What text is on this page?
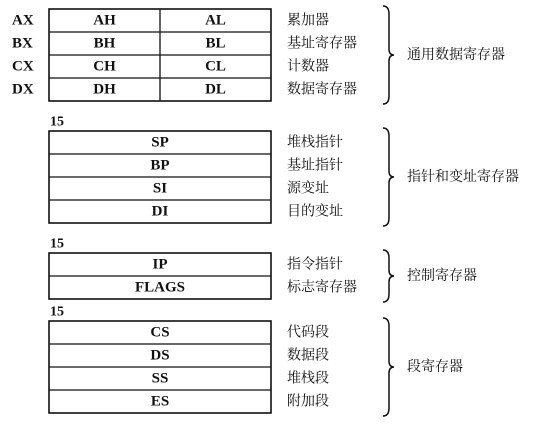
AX	AH	AL	累加器
BX	BH	BL	基址寄存器
CX	CH	CL	计数器
DX	DH	DL	数据寄存器
通用数据寄存器
15
SP	堆栈指针
BP	基址指针
SI	源变址
DI	目的变址
指针和变址寄存器
15
IP	指令指针
FLAGS	标志寄存器
控制寄存器
15
CS	代码段
DS	数据段
SS	堆栈段
ES	附加段
段寄存器
